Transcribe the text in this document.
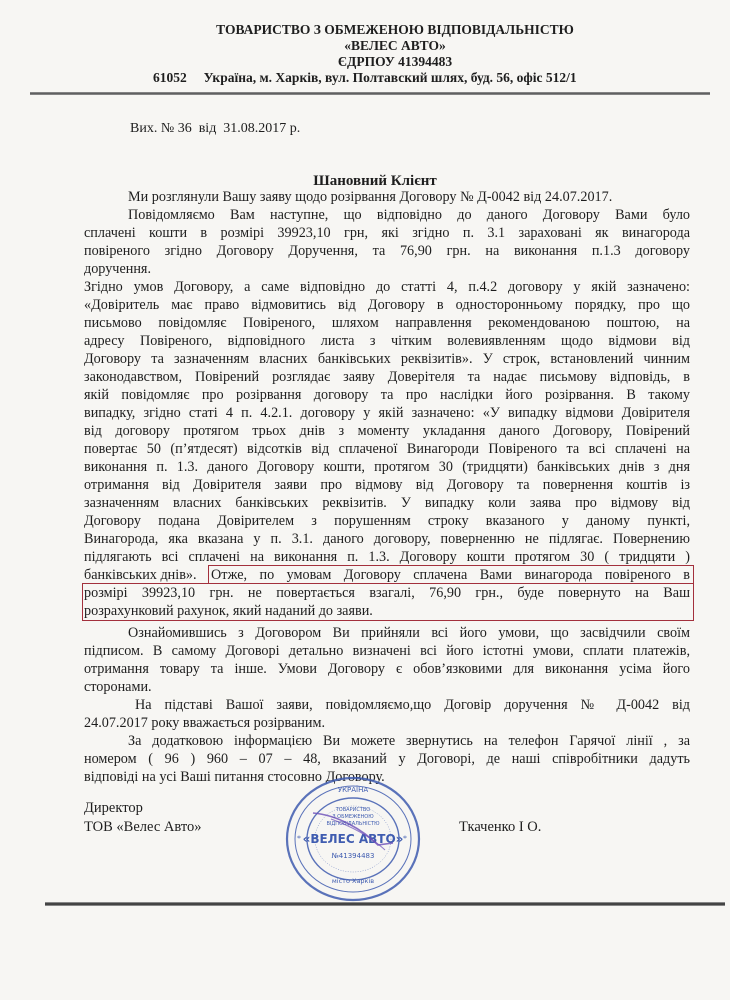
ТОВАРИСТВО З ОБМЕЖЕНОЮ ВІДПОВІДАЛЬНІСТЮ
«ВЕЛЕС АВТО»
ЄДРПОУ 41394483
61052     Україна, м. Харків, вул. Полтавский шлях, буд. 56, офіс 512/1
Вих. № 36  від  31.08.2017 р.
Шановний Клієнт
Ми розглянули Вашу заяву щодо розірвання Договору № Д-0042 від 24.07.2017.
Повідомляємо Вам наступне, що відповідно до даного Договору Вами було
сплачені кошти в розмірі 39923,10 грн, які згідно п. 3.1 зараховані як винагорода
повіреного згідно Договору Доручення, та 76,90 грн. на виконання п.1.3 договору
доручення.
Згідно умов Договору, а саме відповідно до статті 4, п.4.2 договору у якій зазначено:
«Довіритель має право відмовитись від Договору в односторонньому порядку, про що
письмово повідомляє Повіреного, шляхом направлення рекомендованою поштою, на
адресу Повіреного, відповідного листа з чітким волевиявленням щодо відмови від
Договору та зазначенням власних банківських реквізитів». У строк, встановлений чинним
законодавством, Повірений розглядає заяву Доверітеля та надає письмову відповідь, в
якій повідомляє про розірвання договору та про наслідки його розірвання. В такому
випадку, згідно статі 4 п. 4.2.1. договору у якій зазначено: «У випадку відмови Довірителя
від договору протягом трьох днів з моменту укладання даного Договору, Повірений
повертає 50 (п’ятдесят) відсотків від сплаченої Винагороди Повіреного та всі сплачені на
виконання п. 1.3. даного Договору кошти, протягом 30 (тридцяти) банківських днів з дня
отримання від Довірителя заяви про відмову від Договору та повернення коштів із
зазначенням власних банківських реквізитів. У випадку коли заява про відмову від
Договору подана Довірителем з порушенням строку вказаного у даному пункті,
Винагорода, яка вказана у п. 3.1. даного договору, поверненню не підлягає. Повернению
підлягають всі сплачені на виконання п. 1.3. Договору кошти протягом 30 ( тридцяти )
банківських днів».	Отже, по умовам Договору сплачена Вами винагорода повіреного в
розмірі 39923,10 грн. не повертається взагалі, 76,90 грн., буде повернуто на Ваш
розрахунковий рахунок, який наданий до заяви.
Ознайомившись з Договором Ви прийняли всі його умови, що засвідчили своїм
підписом. В самому Договорі детально визначені всі його істотні умови, сплати платежів,
отримання товару та інше. Умови Договору є обов’язковими для виконання усіма його
сторонами.
На підставі Вашої заяви, повідомляємо,що Договір доручення № Д-0042 від
24.07.2017 року вважається розірваним.
За додатковою інформацією Ви можете звернутись на телефон Гарячої лінії , за
номером ( 96 ) 960 – 07 – 48, вказаний у Договорі, де наші співробітники дадуть
відповіді на усі Ваші питання стосовно Договору.
Директор
ТОВ «Велес Авто»	Ткаченко І О.
УКРАЇНА
ТОВАРИСТВО
З ОБМЕЖЕНОЮ
ВІДПОВІДАЛЬНІСТЮ
«ВЕЛЕС АВТО»
*	*
№41394483
місто Харків
